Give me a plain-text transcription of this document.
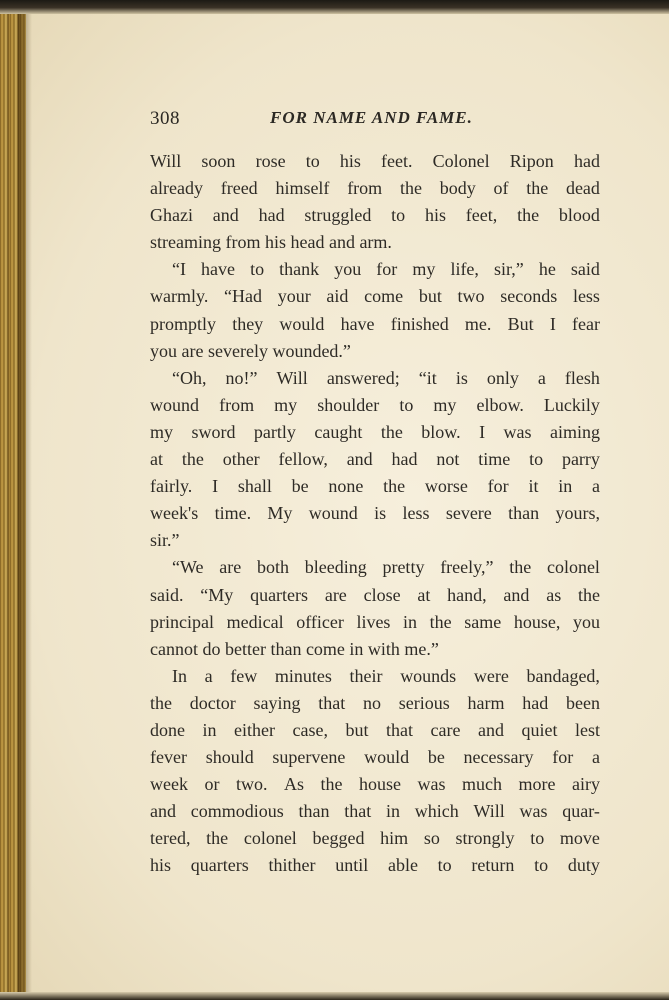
308	FOR NAME AND FAME.
Will soon rose to his feet. Colonel Ripon had
already freed himself from the body of the dead
Ghazi and had struggled to his feet, the blood
streaming from his head and arm.
“I have to thank you for my life, sir,” he said
warmly. “Had your aid come but two seconds less
promptly they would have finished me. But I fear
you are severely wounded.”
“Oh, no!” Will answered; “it is only a flesh
wound from my shoulder to my elbow. Luckily
my sword partly caught the blow. I was aiming
at the other fellow, and had not time to parry
fairly. I shall be none the worse for it in a
week's time. My wound is less severe than yours,
sir.”
“We are both bleeding pretty freely,” the colonel
said. “My quarters are close at hand, and as the
principal medical officer lives in the same house, you
cannot do better than come in with me.”
In a few minutes their wounds were bandaged,
the doctor saying that no serious harm had been
done in either case, but that care and quiet lest
fever should supervene would be necessary for a
week or two. As the house was much more airy
and commodious than that in which Will was quar-
tered, the colonel begged him so strongly to move
his quarters thither until able to return to duty
